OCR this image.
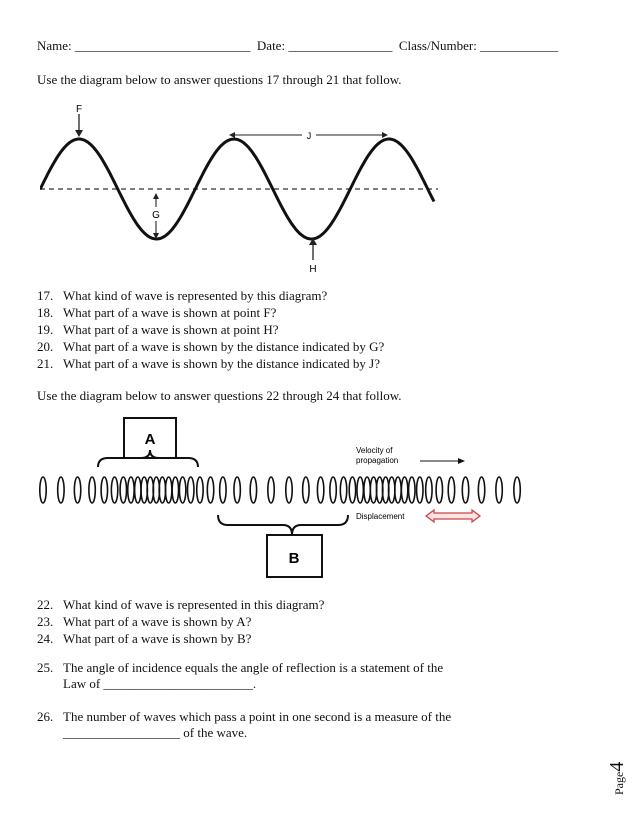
Name: ___________________________ Date: ________________ Class/Number: ____________
Use the diagram below to answer questions 17 through 21 that follow.
F
G
H
J
17. What kind of wave is represented by this diagram?
18. What part of a wave is shown at point F?
19. What part of a wave is shown at point H?
20. What part of a wave is shown by the distance indicated by G?
21. What part of a wave is shown by the distance indicated by J?
Use the diagram below to answer questions 22 through 24 that follow.
A
B
Velocity of
propagation
Displacement
22. What kind of wave is represented in this diagram?
23. What part of a wave is shown by A?
24. What part of a wave is shown by B?
25. The angle of incidence equals the angle of reflection is a statement of the
Law of _______________________.
26. The number of waves which pass a point in one second is a measure of the
__________________ of the wave.
Page4
